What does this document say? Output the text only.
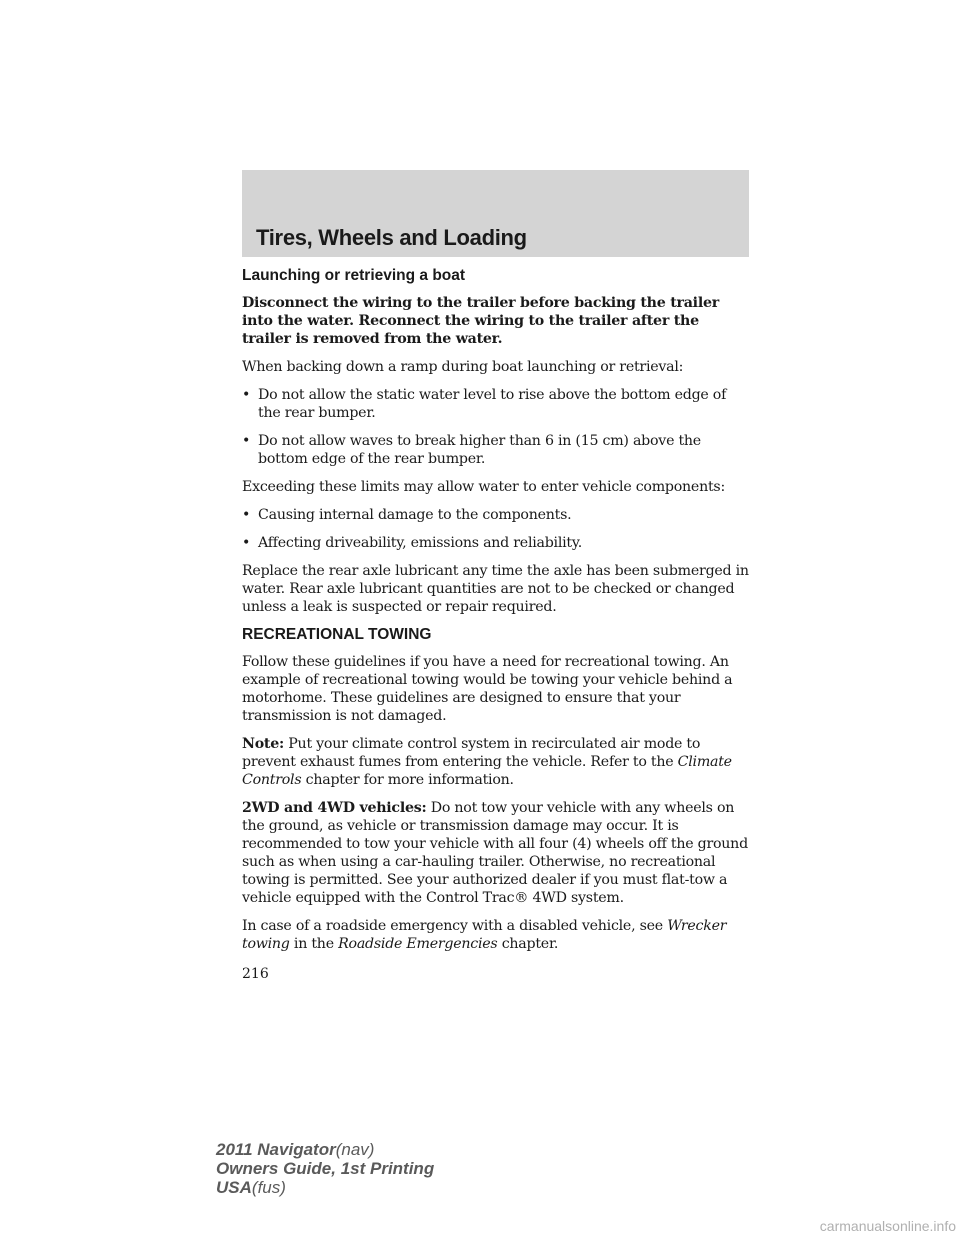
Tires, Wheels and Loading

Launching or retrieving a boat

Disconnect the wiring to the trailer before backing the trailer into the water. Reconnect the wiring to the trailer after the trailer is removed from the water.

When backing down a ramp during boat launching or retrieval:

• Do not allow the static water level to rise above the bottom edge of the rear bumper.
• Do not allow waves to break higher than 6 in (15 cm) above the bottom edge of the rear bumper.

Exceeding these limits may allow water to enter vehicle components:

• Causing internal damage to the components.
• Affecting driveability, emissions and reliability.

Replace the rear axle lubricant any time the axle has been submerged in water. Rear axle lubricant quantities are not to be checked or changed unless a leak is suspected or repair required.

RECREATIONAL TOWING

Follow these guidelines if you have a need for recreational towing. An example of recreational towing would be towing your vehicle behind a motorhome. These guidelines are designed to ensure that your transmission is not damaged.

Note: Put your climate control system in recirculated air mode to prevent exhaust fumes from entering the vehicle. Refer to the Climate Controls chapter for more information.

2WD and 4WD vehicles: Do not tow your vehicle with any wheels on the ground, as vehicle or transmission damage may occur. It is recommended to tow your vehicle with all four (4) wheels off the ground such as when using a car-hauling trailer. Otherwise, no recreational towing is permitted. See your authorized dealer if you must flat-tow a vehicle equipped with the Control Trac® 4WD system.

In case of a roadside emergency with a disabled vehicle, see Wrecker towing in the Roadside Emergencies chapter.

216
2011 Navigator(nav)
Owners Guide, 1st Printing
USA(fus)
carmanualsonline.info
